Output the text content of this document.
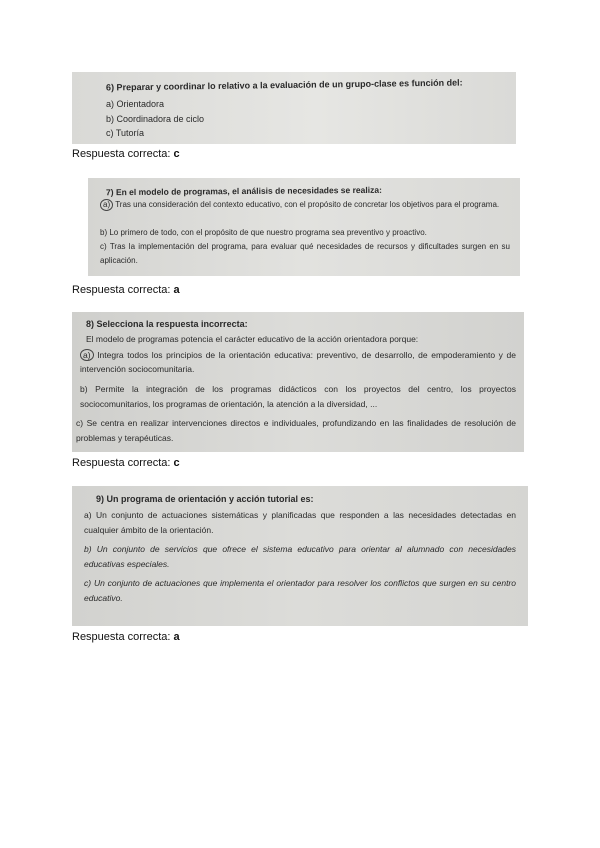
6) Preparar y coordinar lo relativo a la evaluación de un grupo-clase es función del:
a) Orientadora
b) Coordinadora de ciclo
c) Tutoría
Respuesta correcta: c
7) En el modelo de programas, el análisis de necesidades se realiza:
a) Tras una consideración del contexto educativo, con el propósito de concretar los objetivos para el programa.
b) Lo primero de todo, con el propósito de que nuestro programa sea preventivo y proactivo.
c) Tras la implementación del programa, para evaluar qué necesidades de recursos y dificultades surgen en su aplicación.
Respuesta correcta: a
8) Selecciona la respuesta incorrecta:
El modelo de programas potencia el carácter educativo de la acción orientadora porque:
a) Integra todos los principios de la orientación educativa: preventivo, de desarrollo, de empoderamiento y de intervención sociocomunitaria.
b) Permite la integración de los programas didácticos con los proyectos del centro, los proyectos sociocomunitarios, los programas de orientación, la atención a la diversidad, ...
c) Se centra en realizar intervenciones directos e individuales, profundizando en las finalidades de resolución de problemas y terapéuticas.
Respuesta correcta: c
9) Un programa de orientación y acción tutorial es:
a) Un conjunto de actuaciones sistemáticas y planificadas que responden a las necesidades detectadas en cualquier ámbito de la orientación.
b) Un conjunto de servicios que ofrece el sistema educativo para orientar al alumnado con necesidades educativas especiales.
c) Un conjunto de actuaciones que implementa el orientador para resolver los conflictos que surgen en su centro educativo.
Respuesta correcta: a
